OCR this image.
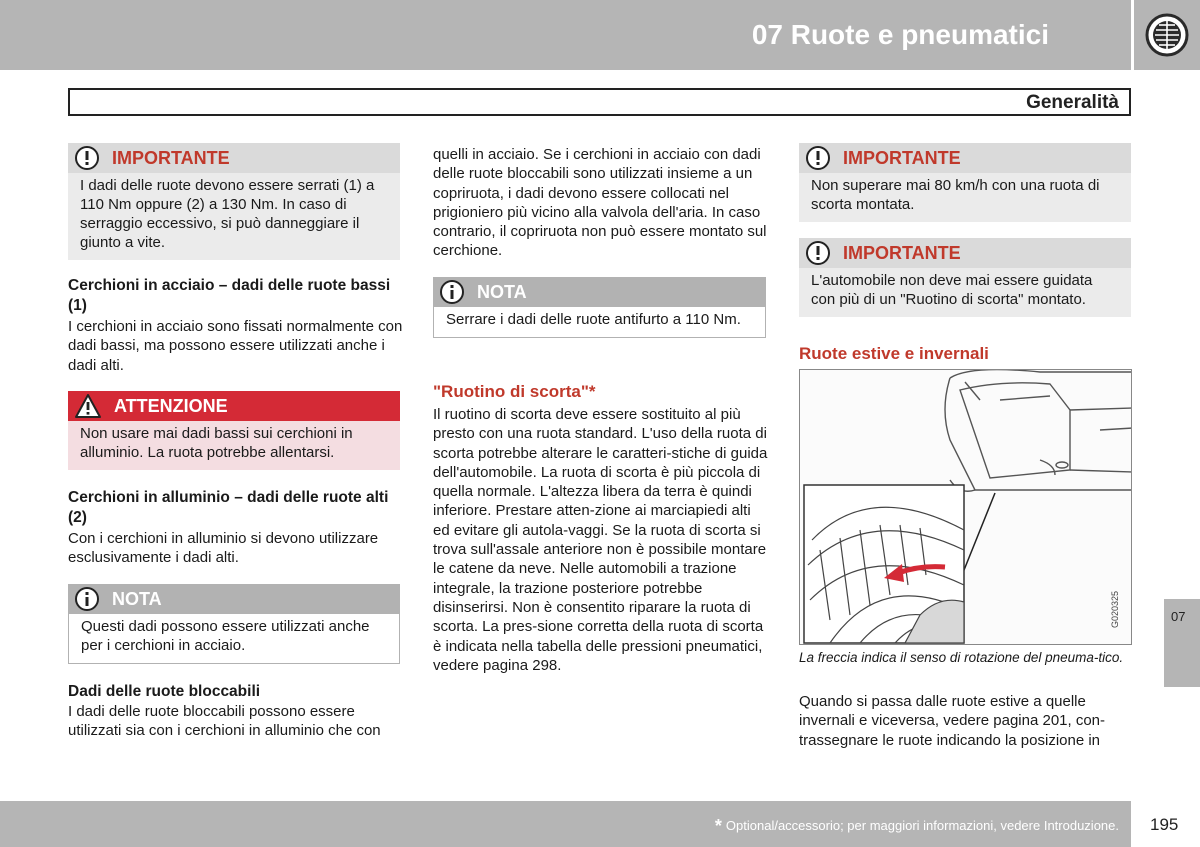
07 Ruote e pneumatici
Generalità
IMPORTANTE
I dadi delle ruote devono essere serrati (1) a 110 Nm oppure (2) a 130 Nm. In caso di serraggio eccessivo, si può danneggiare il giunto a vite.
Cerchioni in acciaio – dadi delle ruote bassi (1)
I cerchioni in acciaio sono fissati normalmente con dadi bassi, ma possono essere utilizzati anche i dadi alti.
ATTENZIONE
Non usare mai dadi bassi sui cerchioni in alluminio. La ruota potrebbe allentarsi.
Cerchioni in alluminio – dadi delle ruote alti (2)
Con i cerchioni in alluminio si devono utilizzare esclusivamente i dadi alti.
NOTA
Questi dadi possono essere utilizzati anche per i cerchioni in acciaio.
Dadi delle ruote bloccabili
I dadi delle ruote bloccabili possono essere utilizzati sia con i cerchioni in alluminio che con
quelli in acciaio. Se i cerchioni in acciaio con dadi delle ruote bloccabili sono utilizzati insieme a un copriruota, i dadi devono essere collocati nel prigioniero più vicino alla valvola dell'aria. In caso contrario, il copriruota non può essere montato sul cerchione.
NOTA
Serrare i dadi delle ruote antifurto a 110 Nm.
"Ruotino di scorta"*
Il ruotino di scorta deve essere sostituito al più presto con una ruota standard. L'uso della ruota di scorta potrebbe alterare le caratteri-stiche di guida dell'automobile. La ruota di scorta è più piccola di quella normale. L'altezza libera da terra è quindi inferiore. Prestare atten-zione ai marciapiedi alti ed evitare gli autola-vaggi. Se la ruota di scorta si trova sull'assale anteriore non è possibile montare le catene da neve. Nelle automobili a trazione integrale, la trazione posteriore potrebbe disinserirsi. Non è consentito riparare la ruota di scorta. La pres-sione corretta della ruota di scorta è indicata nella tabella delle pressioni pneumatici, vedere pagina 298.
IMPORTANTE
Non superare mai 80 km/h con una ruota di scorta montata.
IMPORTANTE
L'automobile non deve mai essere guidata con più di un "Ruotino di scorta" montato.
Ruote estive e invernali
G020325
La freccia indica il senso di rotazione del pneuma-tico.
Quando si passa dalle ruote estive a quelle invernali e viceversa, vedere pagina 201, con-trassegnare le ruote indicando la posizione in
07
* Optional/accessorio; per maggiori informazioni, vedere Introduzione. 195
